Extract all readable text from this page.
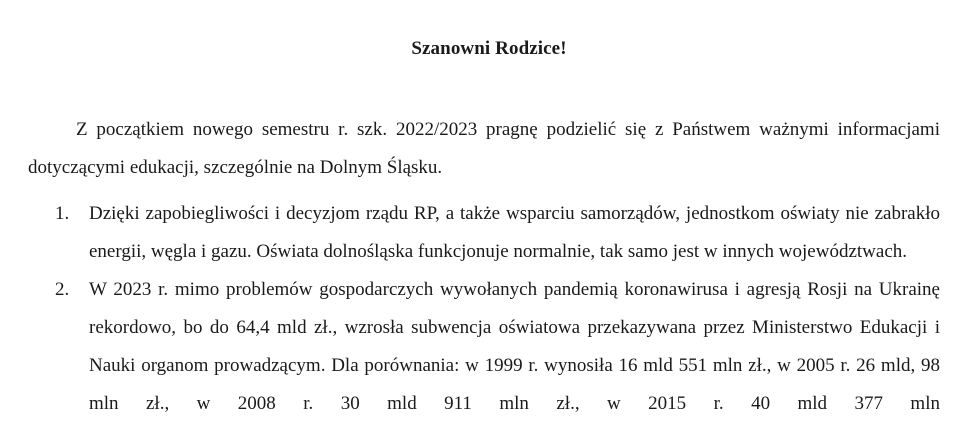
Szanowni Rodzice!
Z początkiem nowego semestru r. szk. 2022/2023 pragnę podzielić się z Państwem ważnymi informacjami dotyczącymi edukacji, szczególnie na Dolnym Śląsku.
1. Dzięki zapobiegliwości i decyzjom rządu RP, a także wsparciu samorządów, jednostkom oświaty nie zabrakło energii, węgla i gazu. Oświata dolnośląska funkcjonuje normalnie, tak samo jest w innych województwach.
2. W 2023 r. mimo problemów gospodarczych wywołanych pandemią koronawirusa i agresją Rosji na Ukrainę rekordowo, bo do 64,4 mld zł., wzrosła subwencja oświatowa przekazywana przez Ministerstwo Edukacji i Nauki organom prowadzącym. Dla porównania: w 1999 r. wynosiła 16 mld 551 mln zł., w 2005 r. 26 mld, 98 mln zł., w 2008 r. 30 mld 911 mln zł., w 2015 r. 40 mld 377 mln
